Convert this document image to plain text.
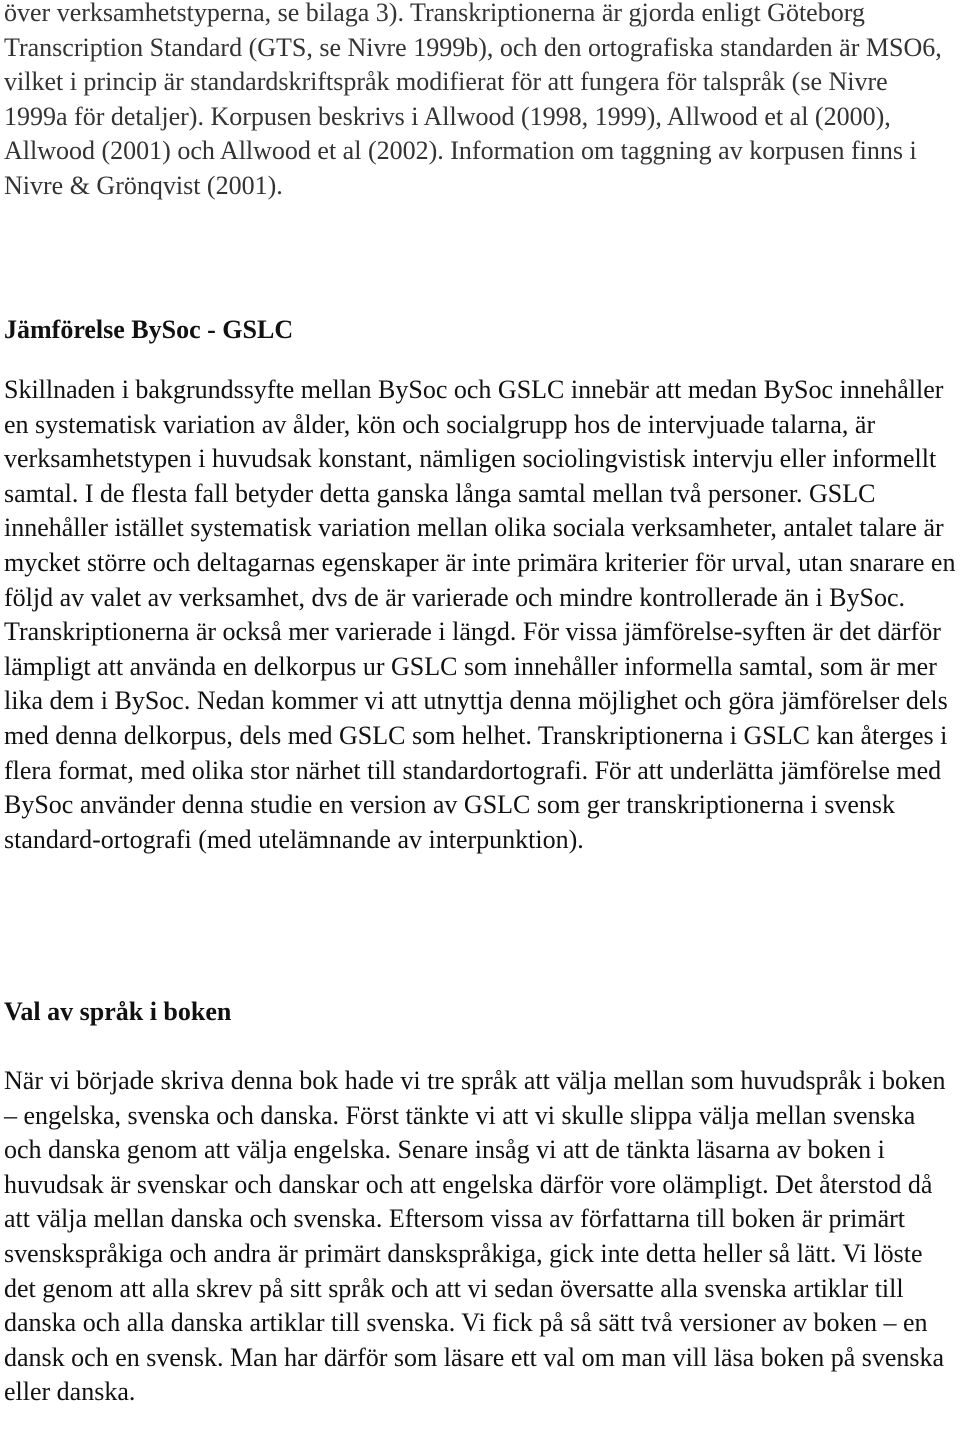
över verksamhetstyperna, se bilaga 3). Transkriptionerna är gjorda enligt Göteborg Transcription Standard (GTS, se Nivre 1999b), och den ortografiska standarden är MSO6, vilket i princip är standardskriftspråk modifierat för att fungera för talspråk (se Nivre 1999a för detaljer). Korpusen beskrivs i Allwood (1998, 1999), Allwood et al (2000), Allwood (2001) och Allwood et al (2002). Information om taggning av korpusen finns i Nivre & Grönqvist (2001).

Jämförelse BySoc - GSLC

Skillnaden i bakgrundssyfte mellan BySoc och GSLC innebär att medan BySoc innehåller en systematisk variation av ålder, kön och socialgrupp hos de intervjuade talarna, är verksamhetstypen i huvudsak konstant, nämligen sociolingvistisk intervju eller informellt samtal. I de flesta fall betyder detta ganska långa samtal mellan två personer. GSLC innehåller istället systematisk variation mellan olika sociala verksamheter, antalet talare är mycket större och deltagarnas egenskaper är inte primära kriterier för urval, utan snarare en följd av valet av verksamhet, dvs de är varierade och mindre kontrollerade än i BySoc. Transkriptionerna är också mer varierade i längd. För vissa jämförelse-syften är det därför lämpligt att använda en delkorpus ur GSLC som innehåller informella samtal, som är mer lika dem i BySoc. Nedan kommer vi att utnyttja denna möjlighet och göra jämförelser dels med denna delkorpus, dels med GSLC som helhet. Transkriptionerna i GSLC kan återges i flera format, med olika stor närhet till standardortografi. För att underlätta jämförelse med BySoc använder denna studie en version av GSLC som ger transkriptionerna i svensk standard-ortografi (med utelämnande av interpunktion).

Val av språk i boken

När vi började skriva denna bok hade vi tre språk att välja mellan som huvudspråk i boken – engelska, svenska och danska. Först tänkte vi att vi skulle slippa välja mellan svenska och danska genom att välja engelska. Senare insåg vi att de tänkta läsarna av boken i huvudsak är svenskar och danskar och att engelska därför vore olämpligt. Det återstod då att välja mellan danska och svenska. Eftersom vissa av författarna till boken är primärt svenskspråkiga och andra är primärt danskspråkiga, gick inte detta heller så lätt. Vi löste det genom att alla skrev på sitt språk och att vi sedan översatte alla svenska artiklar till danska och alla danska artiklar till svenska. Vi fick på så sätt två versioner av boken – en dansk och en svensk. Man har därför som läsare ett val om man vill läsa boken på svenska eller danska.
